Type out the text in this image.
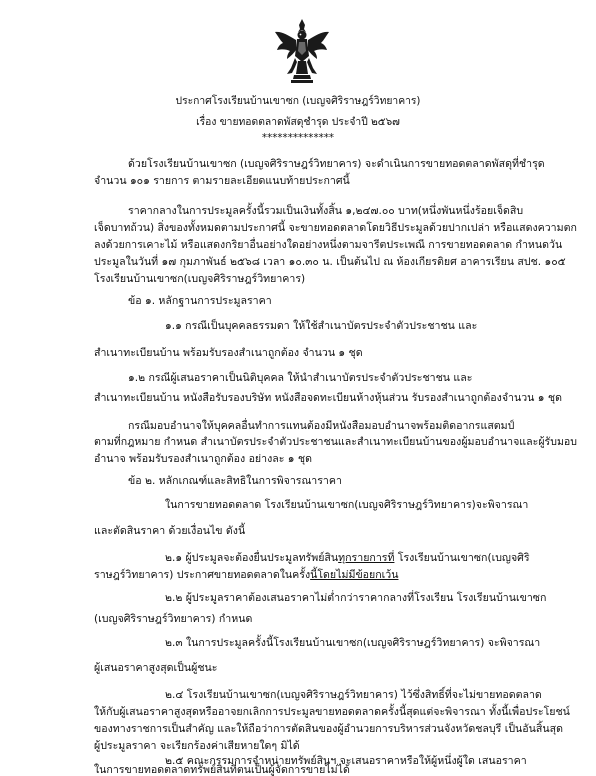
ประกาศโรงเรียนบ้านเขาซก (เบญจศิริราษฎร์วิทยาคาร)
เรื่อง ขายทอดตลาดพัสดุชำรุด ประจำปี ๒๕๖๗
**************
ด้วยโรงเรียนบ้านเขาซก (เบญจศิริราษฎร์วิทยาคาร) จะดำเนินการขายทอดตลาดพัสดุที่ชำรุด
จำนวน ๑๐๑ รายการ ตามรายละเอียดแนบท้ายประกาศนี้
ราคากลางในการประมูลครั้งนี้รวมเป็นเงินทั้งสิ้น ๑,๒๔๗.๐๐ บาท(หนึ่งพันหนึ่งร้อยเจ็ดสิบ
เจ็ดบาทถ้วน) สิ่งของทั้งหมดตามประกาศนี้ จะขายทอดตลาดโดยวิธีประมูลด้วยปากเปล่า หรือแสดงความตก
ลงด้วยการเคาะไม้ หรือแสดงกริยาอื่นอย่างใดอย่างหนึ่งตามจารีตประเพณี การขายทอดตลาด กำหนดวัน
ประมูลในวันที่ ๑๗ กุมภาพันธ์ ๒๕๖๘ เวลา ๑๐.๓๐ น. เป็นต้นไป ณ ห้องเกียรติยศ อาคารเรียน สปช. ๑๐๕
โรงเรียนบ้านเขาซก(เบญจศิริราษฎร์วิทยาคาร)
ข้อ ๑. หลักฐานการประมูลราคา
๑.๑ กรณีเป็นบุคคลธรรมดา ให้ใช้สำเนาบัตรประจำตัวประชาชน และ
สำเนาทะเบียนบ้าน พร้อมรับรองสำเนาถูกต้อง จำนวน ๑ ชุด
๑.๒ กรณีผู้เสนอราคาเป็นนิติบุคคล ให้นำสำเนาบัตรประจำตัวประชาชน และ
สำเนาทะเบียนบ้าน หนังสือรับรองบริษัท หนังสือจดทะเบียนห้างหุ้นส่วน รับรองสำเนาถูกต้องจำนวน ๑ ชุด
กรณีมอบอำนาจให้บุคคลอื่นทำการแทนต้องมีหนังสือมอบอำนาจพร้อมติดอากรแสตมป์
ตามที่กฎหมาย กำหนด สำเนาบัตรประจำตัวประชาชนและสำเนาทะเบียนบ้านของผู้มอบอำนาจและผู้รับมอบ
อำนาจ พร้อมรับรองสำเนาถูกต้อง อย่างละ ๑ ชุด
ข้อ ๒. หลักเกณฑ์และสิทธิในการพิจารณาราคา
ในการขายทอดตลาด โรงเรียนบ้านเขาซก(เบญจศิริราษฎร์วิทยาคาร)จะพิจารณา
และตัดสินราคา ด้วยเงื่อนไข ดังนี้
๒.๑ ผู้ประมูลจะต้องยื่นประมูลทรัพย์สินทุกรายการที่ โรงเรียนบ้านเขาซก(เบญจศิริ
ราษฎร์วิทยาคาร) ประกาศขายทอดตลาดในครั้งนี้โดยไม่มีข้อยกเว้น
๒.๒ ผู้ประมูลราคาต้องเสนอราคาไม่ต่ำกว่าราคากลางที่โรงเรียน โรงเรียนบ้านเขาซก
(เบญจศิริราษฎร์วิทยาคาร) กำหนด
๒.๓ ในการประมูลครั้งนี้โรงเรียนบ้านเขาซก(เบญจศิริราษฎร์วิทยาคาร) จะพิจารณา
ผู้เสนอราคาสูงสุดเป็นผู้ชนะ
๒.๔ โรงเรียนบ้านเขาซก(เบญจศิริราษฎร์วิทยาคาร) ไว้ซึ่งสิทธิ์ที่จะไม่ขายทอดตลาด
ให้กับผู้เสนอราคาสูงสุดหรืออาจยกเลิกการประมูลขายทอดตลาดครั้งนี้สุดแต่จะพิจารณา ทั้งนี้เพื่อประโยชน์
ของทางราชการเป็นสำคัญ และให้ถือว่าการตัดสินของผู้อำนวยการบริหารส่วนจังหวัดชลบุรี เป็นอันสิ้นสุด
ผู้ประมูลราคา จะเรียกร้องค่าเสียหายใดๆ มิได้
๒.๕ คณะกรรมการจำหน่ายทรัพย์สินฯ จะเสนอราคาหรือให้ผู้หนึ่งผู้ใด เสนอราคา
ในการขายทอดตลาดทรัพย์สินที่ตนเป็นผู้จัดการขายไม่ได้
